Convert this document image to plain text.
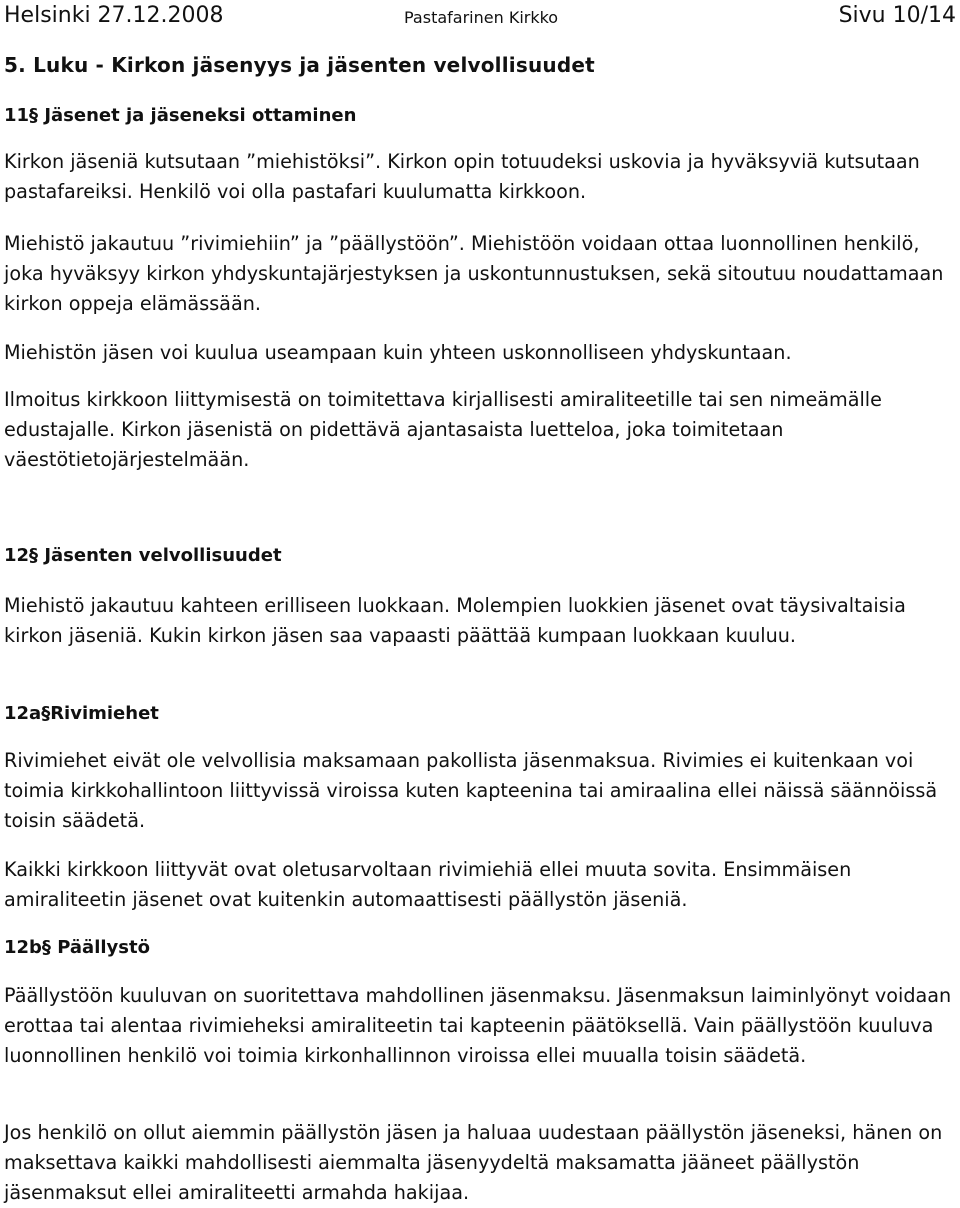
Helsinki 27.12.2008	Pastafarinen Kirkko	Sivu 10/14
5. Luku - Kirkon jäsenyys ja jäsenten velvollisuudet
11§ Jäsenet ja jäseneksi ottaminen

Kirkon jäseniä kutsutaan ”miehistöksi”. Kirkon opin totuudeksi uskovia ja hyväksyviä kutsutaan pastafareiksi. Henkilö voi olla pastafari kuulumatta kirkkoon.

Miehistö jakautuu ”rivimiehiin” ja ”päällystöön”. Miehistöön voidaan ottaa luonnollinen henkilö, joka hyväksyy kirkon yhdyskuntajärjestyksen ja uskontunnustuksen, sekä sitoutuu noudattamaan kirkon oppeja elämässään.

Miehistön jäsen voi kuulua useampaan kuin yhteen uskonnolliseen yhdyskuntaan.

Ilmoitus kirkkoon liittymisestä on toimitettava kirjallisesti amiraliteetille tai sen nimeämälle edustajalle. Kirkon jäsenistä on pidettävä ajantasaista luetteloa, joka toimitetaan väestötietojärjestelmään.

12§ Jäsenten velvollisuudet

Miehistö jakautuu kahteen erilliseen luokkaan. Molempien luokkien jäsenet ovat täysivaltaisia kirkon jäseniä. Kukin kirkon jäsen saa vapaasti päättää kumpaan luokkaan kuuluu.

12a§Rivimiehet

Rivimiehet eivät ole velvollisia maksamaan pakollista jäsenmaksua. Rivimies ei kuitenkaan voi toimia kirkkohallintoon liittyvissä viroissa kuten kapteenina tai amiraalina ellei näissä säännöissä toisin säädetä.

Kaikki kirkkoon liittyvät ovat oletusarvoltaan rivimiehiä ellei muuta sovita. Ensimmäisen amiraliteetin jäsenet ovat kuitenkin automaattisesti päällystön jäseniä.

12b§ Päällystö

Päällystöön kuuluvan on suoritettava mahdollinen jäsenmaksu. Jäsenmaksun laiminlyönyt voidaan erottaa tai alentaa rivimieheksi amiraliteetin tai kapteenin päätöksellä. Vain päällystöön kuuluva luonnollinen henkilö voi toimia kirkonhallinnon viroissa ellei muualla toisin säädetä.

Jos henkilö on ollut aiemmin päällystön jäsen ja haluaa uudestaan päällystön jäseneksi, hänen on maksettava kaikki mahdollisesti aiemmalta jäsenyydeltä maksamatta jääneet päällystön jäsenmaksut ellei amiraliteetti armahda hakijaa.
